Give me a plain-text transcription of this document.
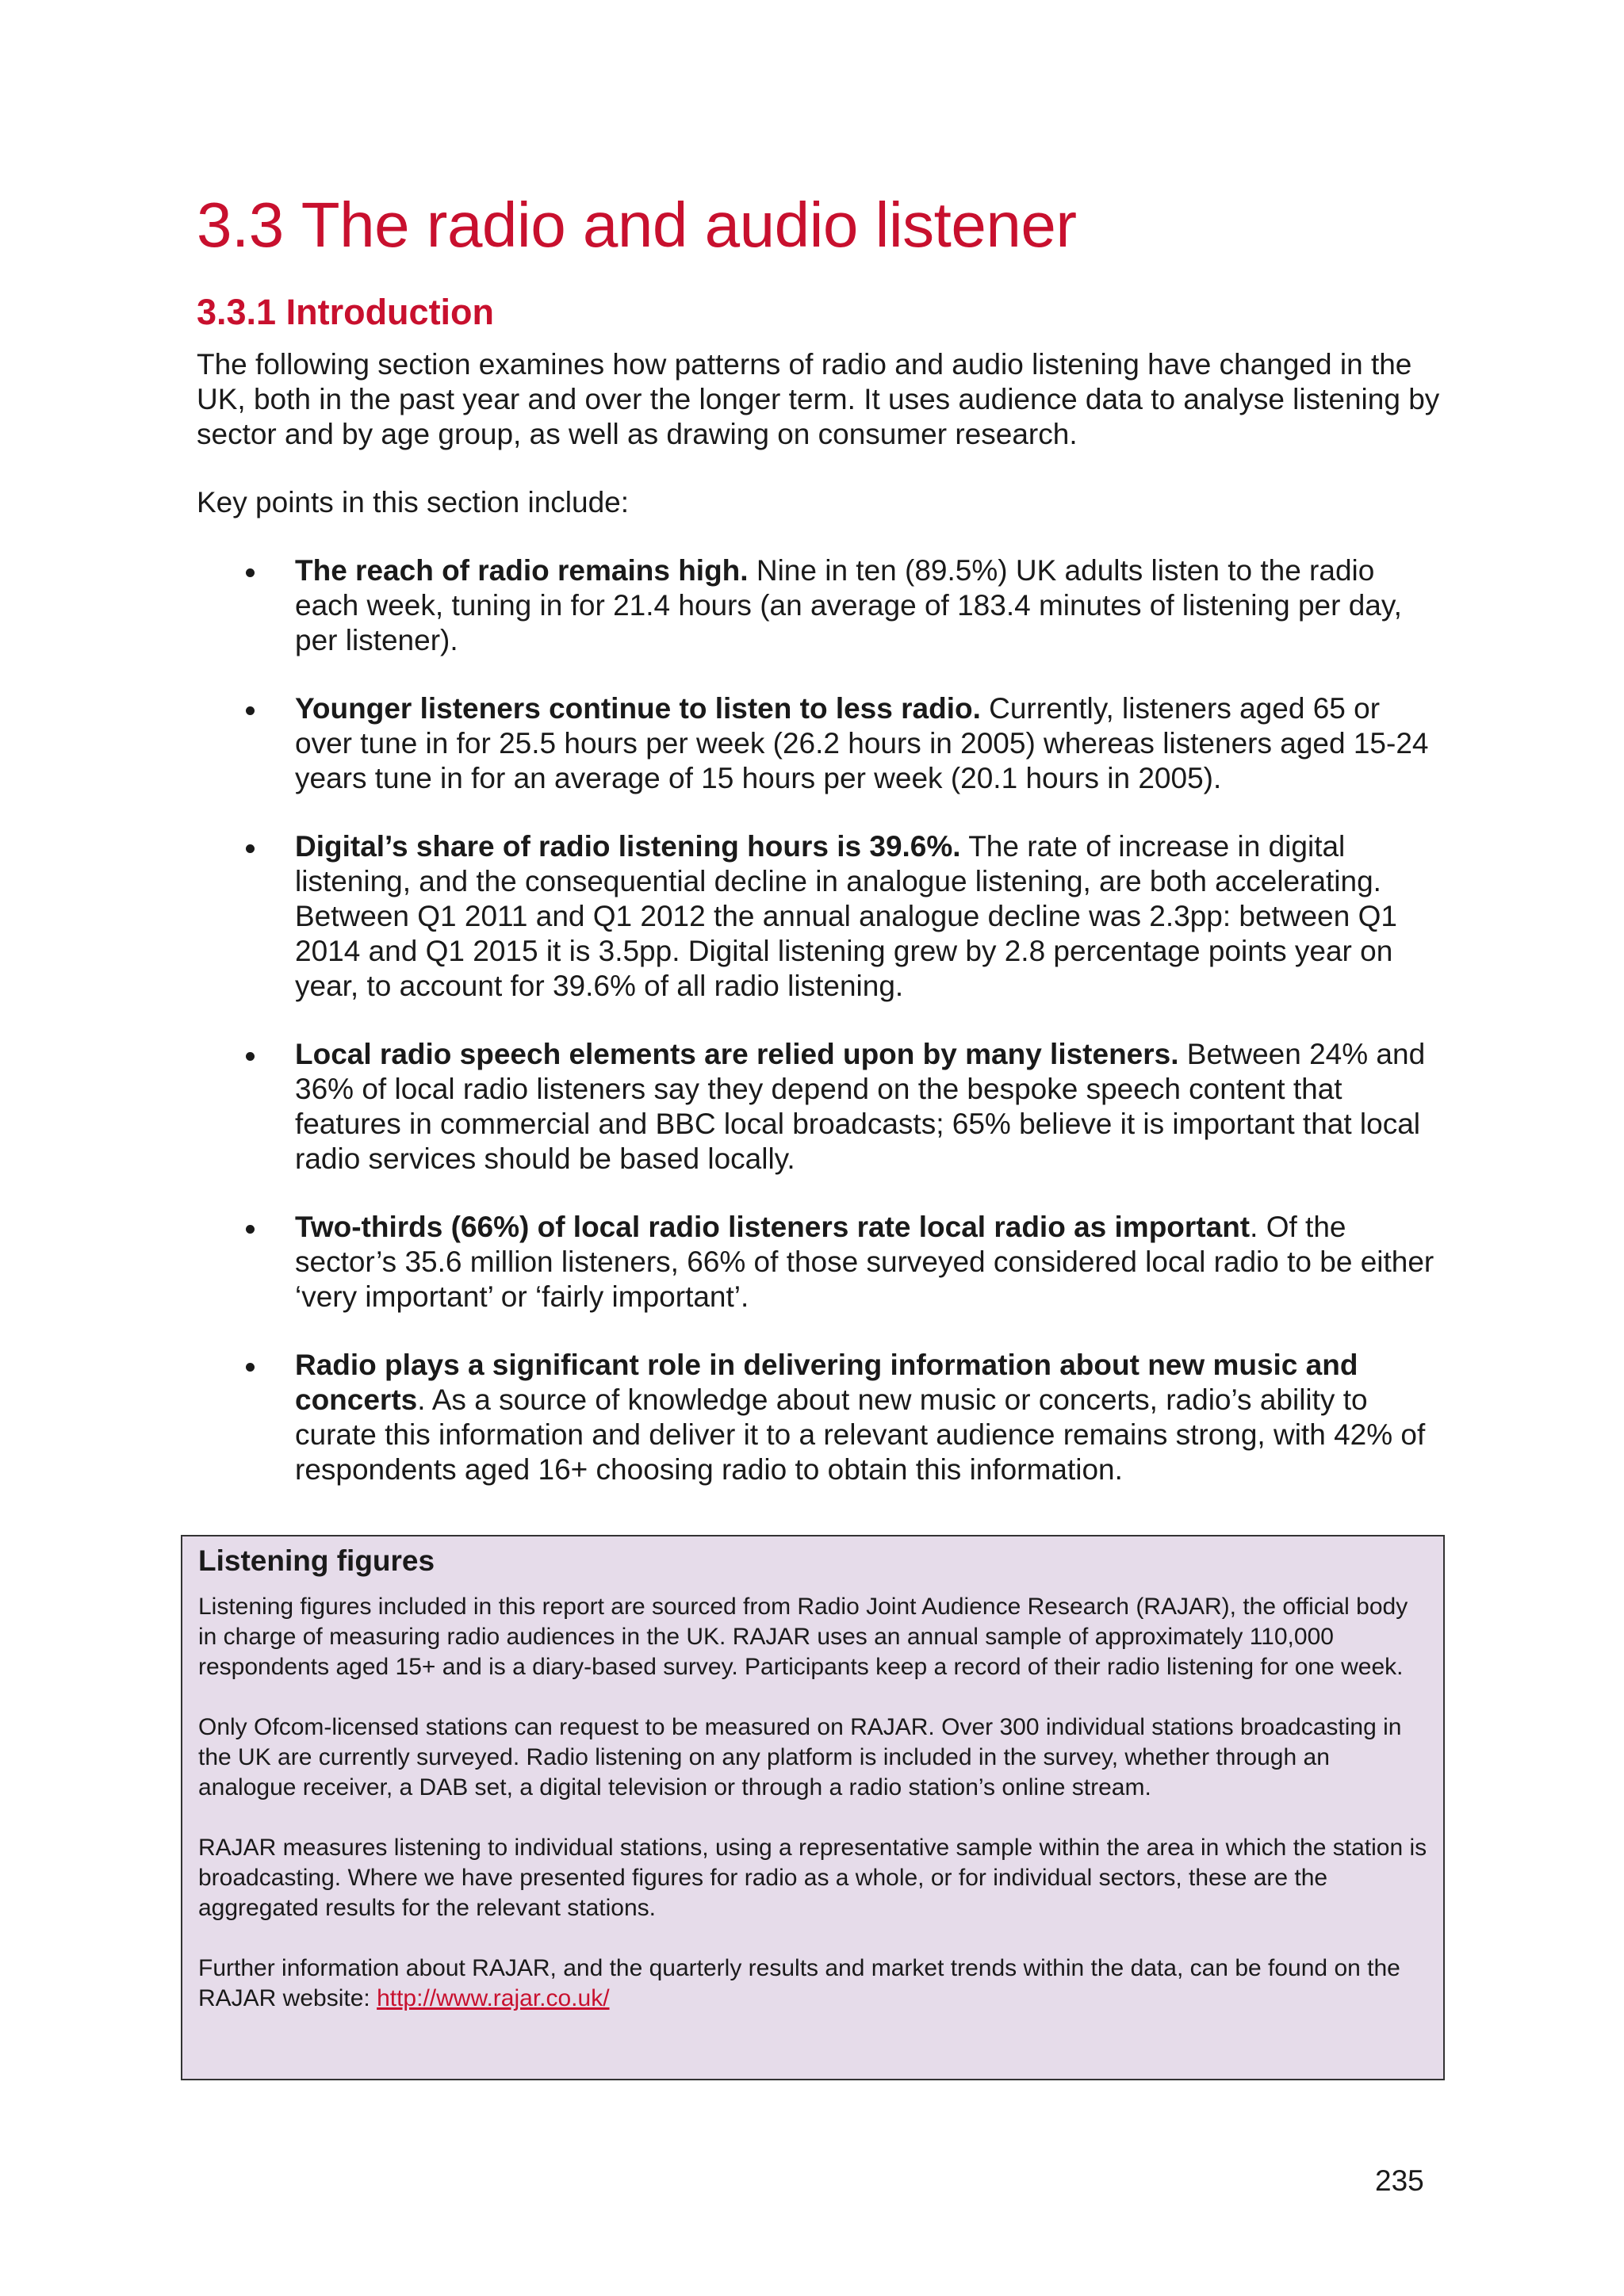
3.3 The radio and audio listener
3.3.1 Introduction

The following section examines how patterns of radio and audio listening have changed in the UK, both in the past year and over the longer term. It uses audience data to analyse listening by sector and by age group, as well as drawing on consumer research.

Key points in this section include:

The reach of radio remains high. Nine in ten (89.5%) UK adults listen to the radio each week, tuning in for 21.4 hours (an average of 183.4 minutes of listening per day, per listener).
Younger listeners continue to listen to less radio. Currently, listeners aged 65 or over tune in for 25.5 hours per week (26.2 hours in 2005) whereas listeners aged 15-24 years tune in for an average of 15 hours per week (20.1 hours in 2005).
Digital’s share of radio listening hours is 39.6%. The rate of increase in digital listening, and the consequential decline in analogue listening, are both accelerating. Between Q1 2011 and Q1 2012 the annual analogue decline was 2.3pp: between Q1 2014 and Q1 2015 it is 3.5pp. Digital listening grew by 2.8 percentage points year on year, to account for 39.6% of all radio listening.
Local radio speech elements are relied upon by many listeners. Between 24% and 36% of local radio listeners say they depend on the bespoke speech content that features in commercial and BBC local broadcasts; 65% believe it is important that local radio services should be based locally.
Two-thirds (66%) of local radio listeners rate local radio as important. Of the sector’s 35.6 million listeners, 66% of those surveyed considered local radio to be either ‘very important’ or ‘fairly important’.
Radio plays a significant role in delivering information about new music and concerts. As a source of knowledge about new music or concerts, radio’s ability to curate this information and deliver it to a relevant audience remains strong, with 42% of respondents aged 16+ choosing radio to obtain this information.
Listening figures

Listening figures included in this report are sourced from Radio Joint Audience Research (RAJAR), the official body in charge of measuring radio audiences in the UK. RAJAR uses an annual sample of approximately 110,000 respondents aged 15+ and is a diary-based survey. Participants keep a record of their radio listening for one week.

Only Ofcom-licensed stations can request to be measured on RAJAR. Over 300 individual stations broadcasting in the UK are currently surveyed. Radio listening on any platform is included in the survey, whether through an analogue receiver, a DAB set, a digital television or through a radio station’s online stream.

RAJAR measures listening to individual stations, using a representative sample within the area in which the station is broadcasting. Where we have presented figures for radio as a whole, or for individual sectors, these are the aggregated results for the relevant stations.

Further information about RAJAR, and the quarterly results and market trends within the data, can be found on the RAJAR website: http://www.rajar.co.uk/

235
